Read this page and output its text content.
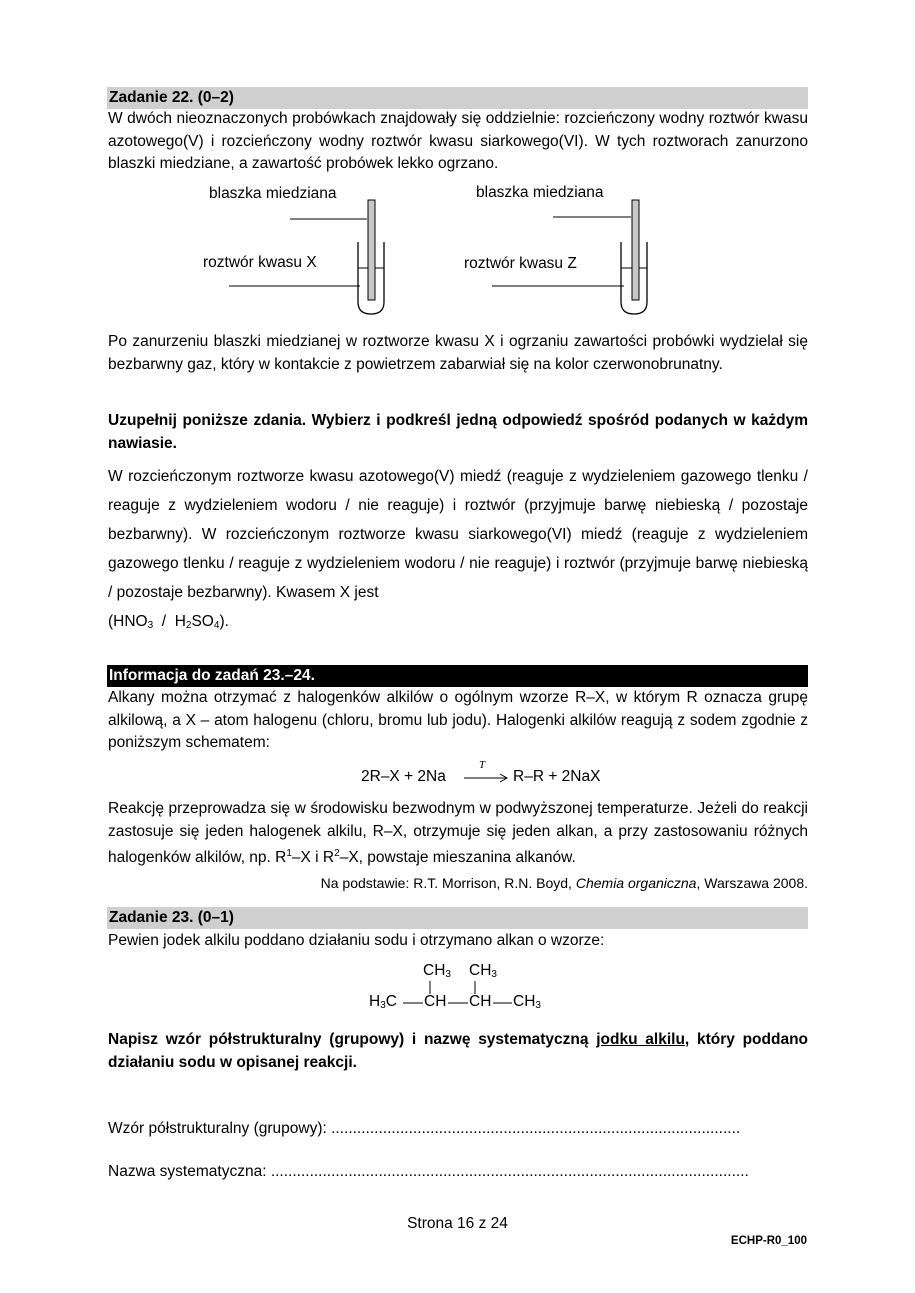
Zadanie 22. (0–2)

W dwóch nieoznaczonych probówkach znajdowały się oddzielnie: rozcieńczony wodny roztwór kwasu azotowego(V) i rozcieńczony wodny roztwór kwasu siarkowego(VI). W tych roztworach zanurzono blaszki miedziane, a zawartość probówek lekko ogrzano.

blaszka miedziana
roztwór kwasu X
blaszka miedziana
roztwór kwasu Z

Po zanurzeniu blaszki miedzianej w roztworze kwasu X i ogrzaniu zawartości probówki wydzielał się bezbarwny gaz, który w kontakcie z powietrzem zabarwiał się na kolor czerwonobrunatny.

Uzupełnij poniższe zdania. Wybierz i podkreśl jedną odpowiedź spośród podanych w każdym nawiasie.

W rozcieńczonym roztworze kwasu azotowego(V) miedź (reaguje z wydzieleniem gazowego tlenku / reaguje z wydzieleniem wodoru / nie reaguje) i roztwór (przyjmuje barwę niebieską / pozostaje bezbarwny). W rozcieńczonym roztworze kwasu siarkowego(VI) miedź (reaguje z wydzieleniem gazowego tlenku / reaguje z wydzieleniem wodoru / nie reaguje) i roztwór (przyjmuje barwę niebieską / pozostaje bezbarwny). Kwasem X jest

$(HNO_3 / H_2SO_4)$.

Informacja do zadań 23.–24.

Alkany można otrzymać z halogenków alkilów o ogólnym wzorze R–X, w którym R oznacza grupę alkilową, a X – atom halogenu (chloru, bromu lub jodu). Halogenki alkilów reagują z sodem zgodnie z poniższym schematem:

2R–X + 2Na
T
→ R–R + 2NaX

Reakcję przeprowadza się w środowisku bezwodnym w podwyższonej temperaturze. Jeżeli do reakcji zastosuje się jeden halogenek alkilu, R–X, otrzymuje się jeden alkan, a przy zastosowaniu różnych halogenków alkilów, np. $R^1-X$ i $R^2-X$, powstaje mieszanina alkanów.

Na podstawie: R.T. Morrison, R.N. Boyd, Chemia organiczna, Warszawa 2008.
Zadanie 23. (0–1)

Pewien jodek alkilu poddano działaniu sodu i otrzymano alkan o wzorze:

$CH_3$ $CH_3$
$H_3C$ CH CH $CH_3$

Napisz wzór półstrukturalny (grupowy) i nazwę systematyczną jodku alkilu, który poddano działaniu sodu w opisanej reakcji.

Wzór półstrukturalny (grupowy): ...............................................................................................
Nazwa systematyczna: ...............................................................................................................
Strona 16 z 24
ECHP-R0_100
